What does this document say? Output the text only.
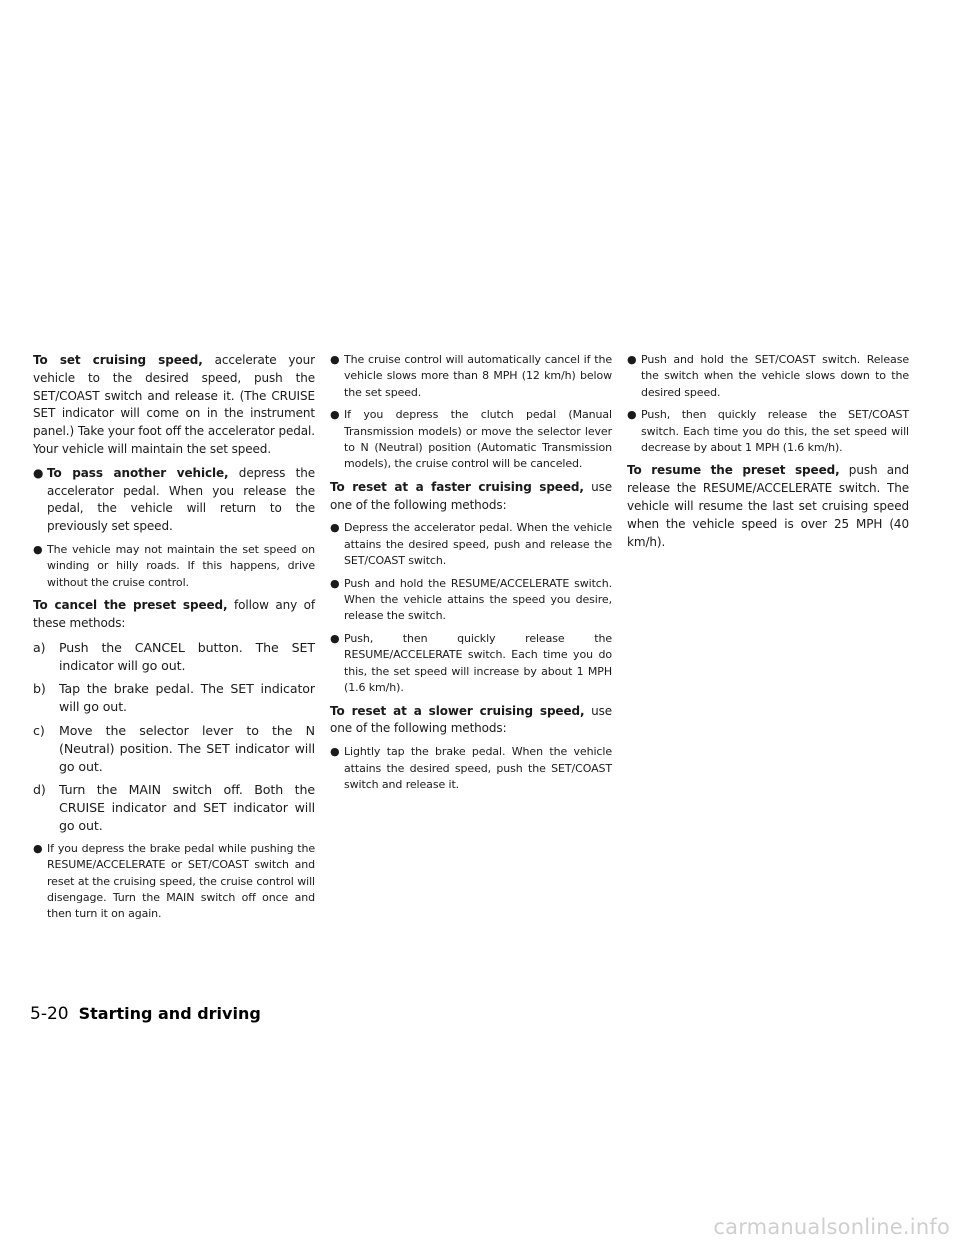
To set cruising speed, accelerate your vehicle to the desired speed, push the SET/COAST switch and release it. (The CRUISE SET indicator will come on in the instrument panel.) Take your foot off the accelerator pedal. Your vehicle will maintain the set speed.

● To pass another vehicle, depress the accelerator pedal. When you release the pedal, the vehicle will return to the previously set speed.
● The vehicle may not maintain the set speed on winding or hilly roads. If this happens, drive without the cruise control.

To cancel the preset speed, follow any of these methods:

a) Push the CANCEL button. The SET indicator will go out.
b) Tap the brake pedal. The SET indicator will go out.
c) Move the selector lever to the N (Neutral) position. The SET indicator will go out.
d) Turn the MAIN switch off. Both the CRUISE indicator and SET indicator will go out.
● If you depress the brake pedal while pushing the RESUME/ACCELERATE or SET/COAST switch and reset at the cruising speed, the cruise control will disengage. Turn the MAIN switch off once and then turn it on again.
● The cruise control will automatically cancel if the vehicle slows more than 8 MPH (12 km/h) below the set speed.
● If you depress the clutch pedal (Manual Transmission models) or move the selector lever to N (Neutral) position (Automatic Transmission models), the cruise control will be canceled.

To reset at a faster cruising speed, use one of the following methods:

● Depress the accelerator pedal. When the vehicle attains the desired speed, push and release the SET/COAST switch.
● Push and hold the RESUME/ACCELERATE switch. When the vehicle attains the speed you desire, release the switch.
● Push, then quickly release the RESUME/ACCELERATE switch. Each time you do this, the set speed will increase by about 1 MPH (1.6 km/h).

To reset at a slower cruising speed, use one of the following methods:

● Lightly tap the brake pedal. When the vehicle attains the desired speed, push the SET/COAST switch and release it.
● Push and hold the SET/COAST switch. Release the switch when the vehicle slows down to the desired speed.
● Push, then quickly release the SET/COAST switch. Each time you do this, the set speed will decrease by about 1 MPH (1.6 km/h).

To resume the preset speed, push and release the RESUME/ACCELERATE switch. The vehicle will resume the last set cruising speed when the vehicle speed is over 25 MPH (40 km/h).

5-20 Starting and driving
carmanualsonline.info
